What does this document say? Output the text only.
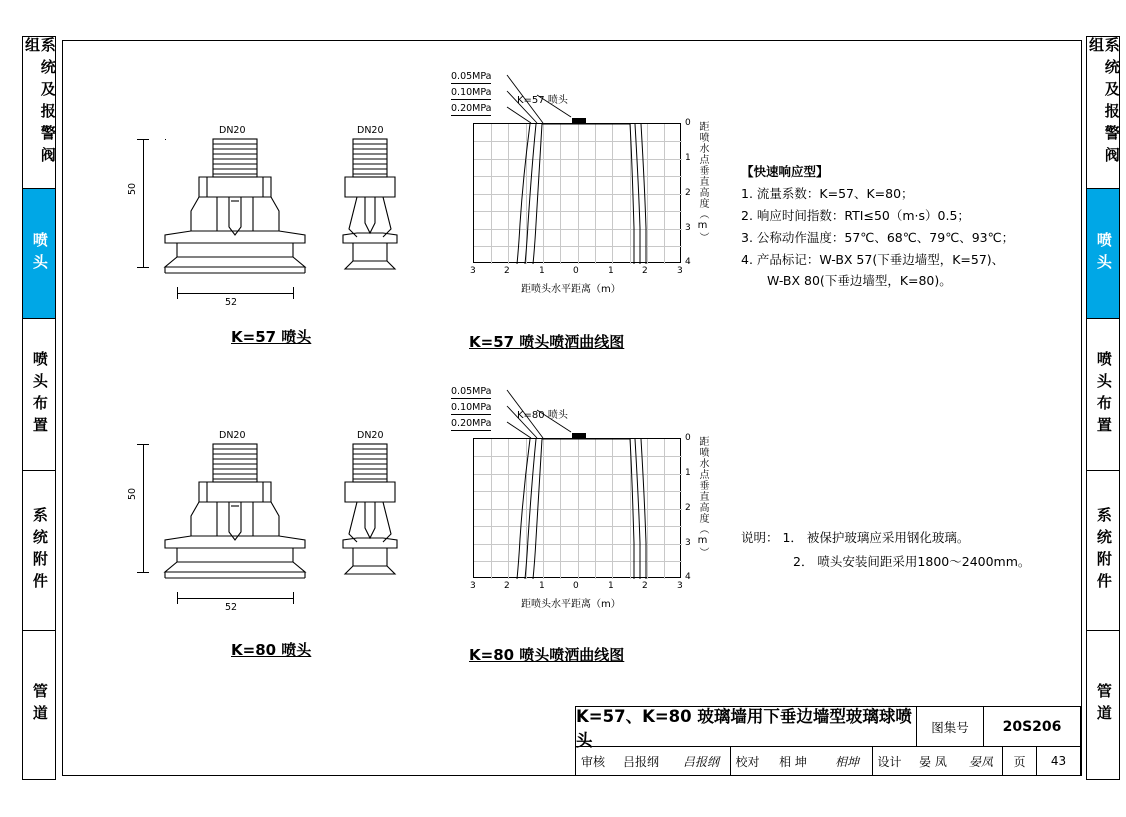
系统及报警阀组
喷头
喷头布置
系统附件
管道
系统及报警阀组
喷头
喷头布置
系统附件
管道
DN20	DN20
50
52
K=57 喷头
0
1
2
3
4
3	2	1	0	1	2	3
距喷头水平距离（m）
距喷水点垂直高度（m）
0.05MPa
0.10MPa
0.20MPa
K=57 喷头
K=57 喷头喷洒曲线图
【快速响应型】
1. 流量系数：K=57、K=80；
2. 响应时间指数：RTI≤50（m·s）0.5；
3. 公称动作温度：57℃、68℃、79℃、93℃；
4. 产品标记：W-BX 57(下垂边墙型，K=57)、
W-BX 80(下垂边墙型，K=80)。
DN20	DN20
50
52
K=80 喷头
0
1
2
3
4
3	2	1	0	1	2	3
距喷头水平距离（m）
距喷水点垂直高度（m）
0.05MPa
0.10MPa
0.20MPa
K=80 喷头
K=80 喷头喷洒曲线图
说明： 1． 被保护玻璃应采用钢化玻璃。
2． 喷头安装间距采用1800～2400mm。
K=57、K=80 玻璃墙用下垂边墙型玻璃球喷头
图集号	20S206
审核	吕报纲	吕报纲	校对	相 坤	相坤	设计	晏 凤	晏凤	页	43
